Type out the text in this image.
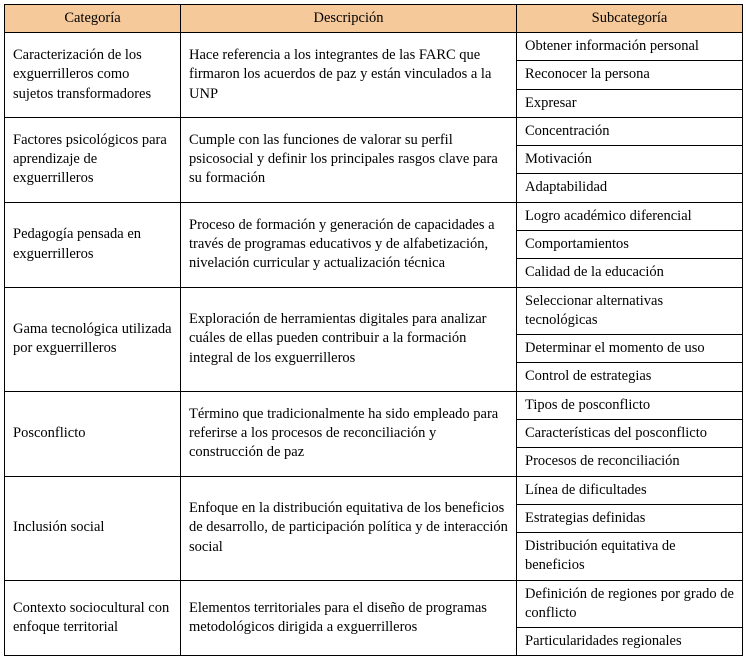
Categoría	Descripción	Subcategoría
Caracterización de los exguerrilleros como sujetos transformadores	Hace referencia a los integrantes de las FARC que firmaron los acuerdos de paz y están vinculados a la UNP	Obtener información personal
		Reconocer la persona
		Expresar
Factores psicológicos para aprendizaje de exguerrilleros	Cumple con las funciones de valorar su perfil psicosocial y definir los principales rasgos clave para su formación	Concentración
		Motivación
		Adaptabilidad
Pedagogía pensada en exguerrilleros	Proceso de formación y generación de capacidades a través de programas educativos y de alfabetización, nivelación curricular y actualización técnica	Logro académico diferencial
		Comportamientos
		Calidad de la educación
Gama tecnológica utilizada por exguerrilleros	Exploración de herramientas digitales para analizar cuáles de ellas pueden contribuir a la formación integral de los exguerrilleros	Seleccionar alternativas tecnológicas
		Determinar el momento de uso
		Control de estrategias
Posconflicto	Término que tradicionalmente ha sido empleado para referirse a los procesos de reconciliación y construcción de paz	Tipos de posconflicto
		Características del posconflicto
		Procesos de reconciliación
Inclusión social	Enfoque en la distribución equitativa de los beneficios de desarrollo, de participación política y de interacción social	Línea de dificultades
		Estrategias definidas
		Distribución equitativa de beneficios
Contexto sociocultural con enfoque territorial	Elementos territoriales para el diseño de programas metodológicos dirigida a exguerrilleros	Definición de regiones por grado de conflicto
		Particularidades regionales
